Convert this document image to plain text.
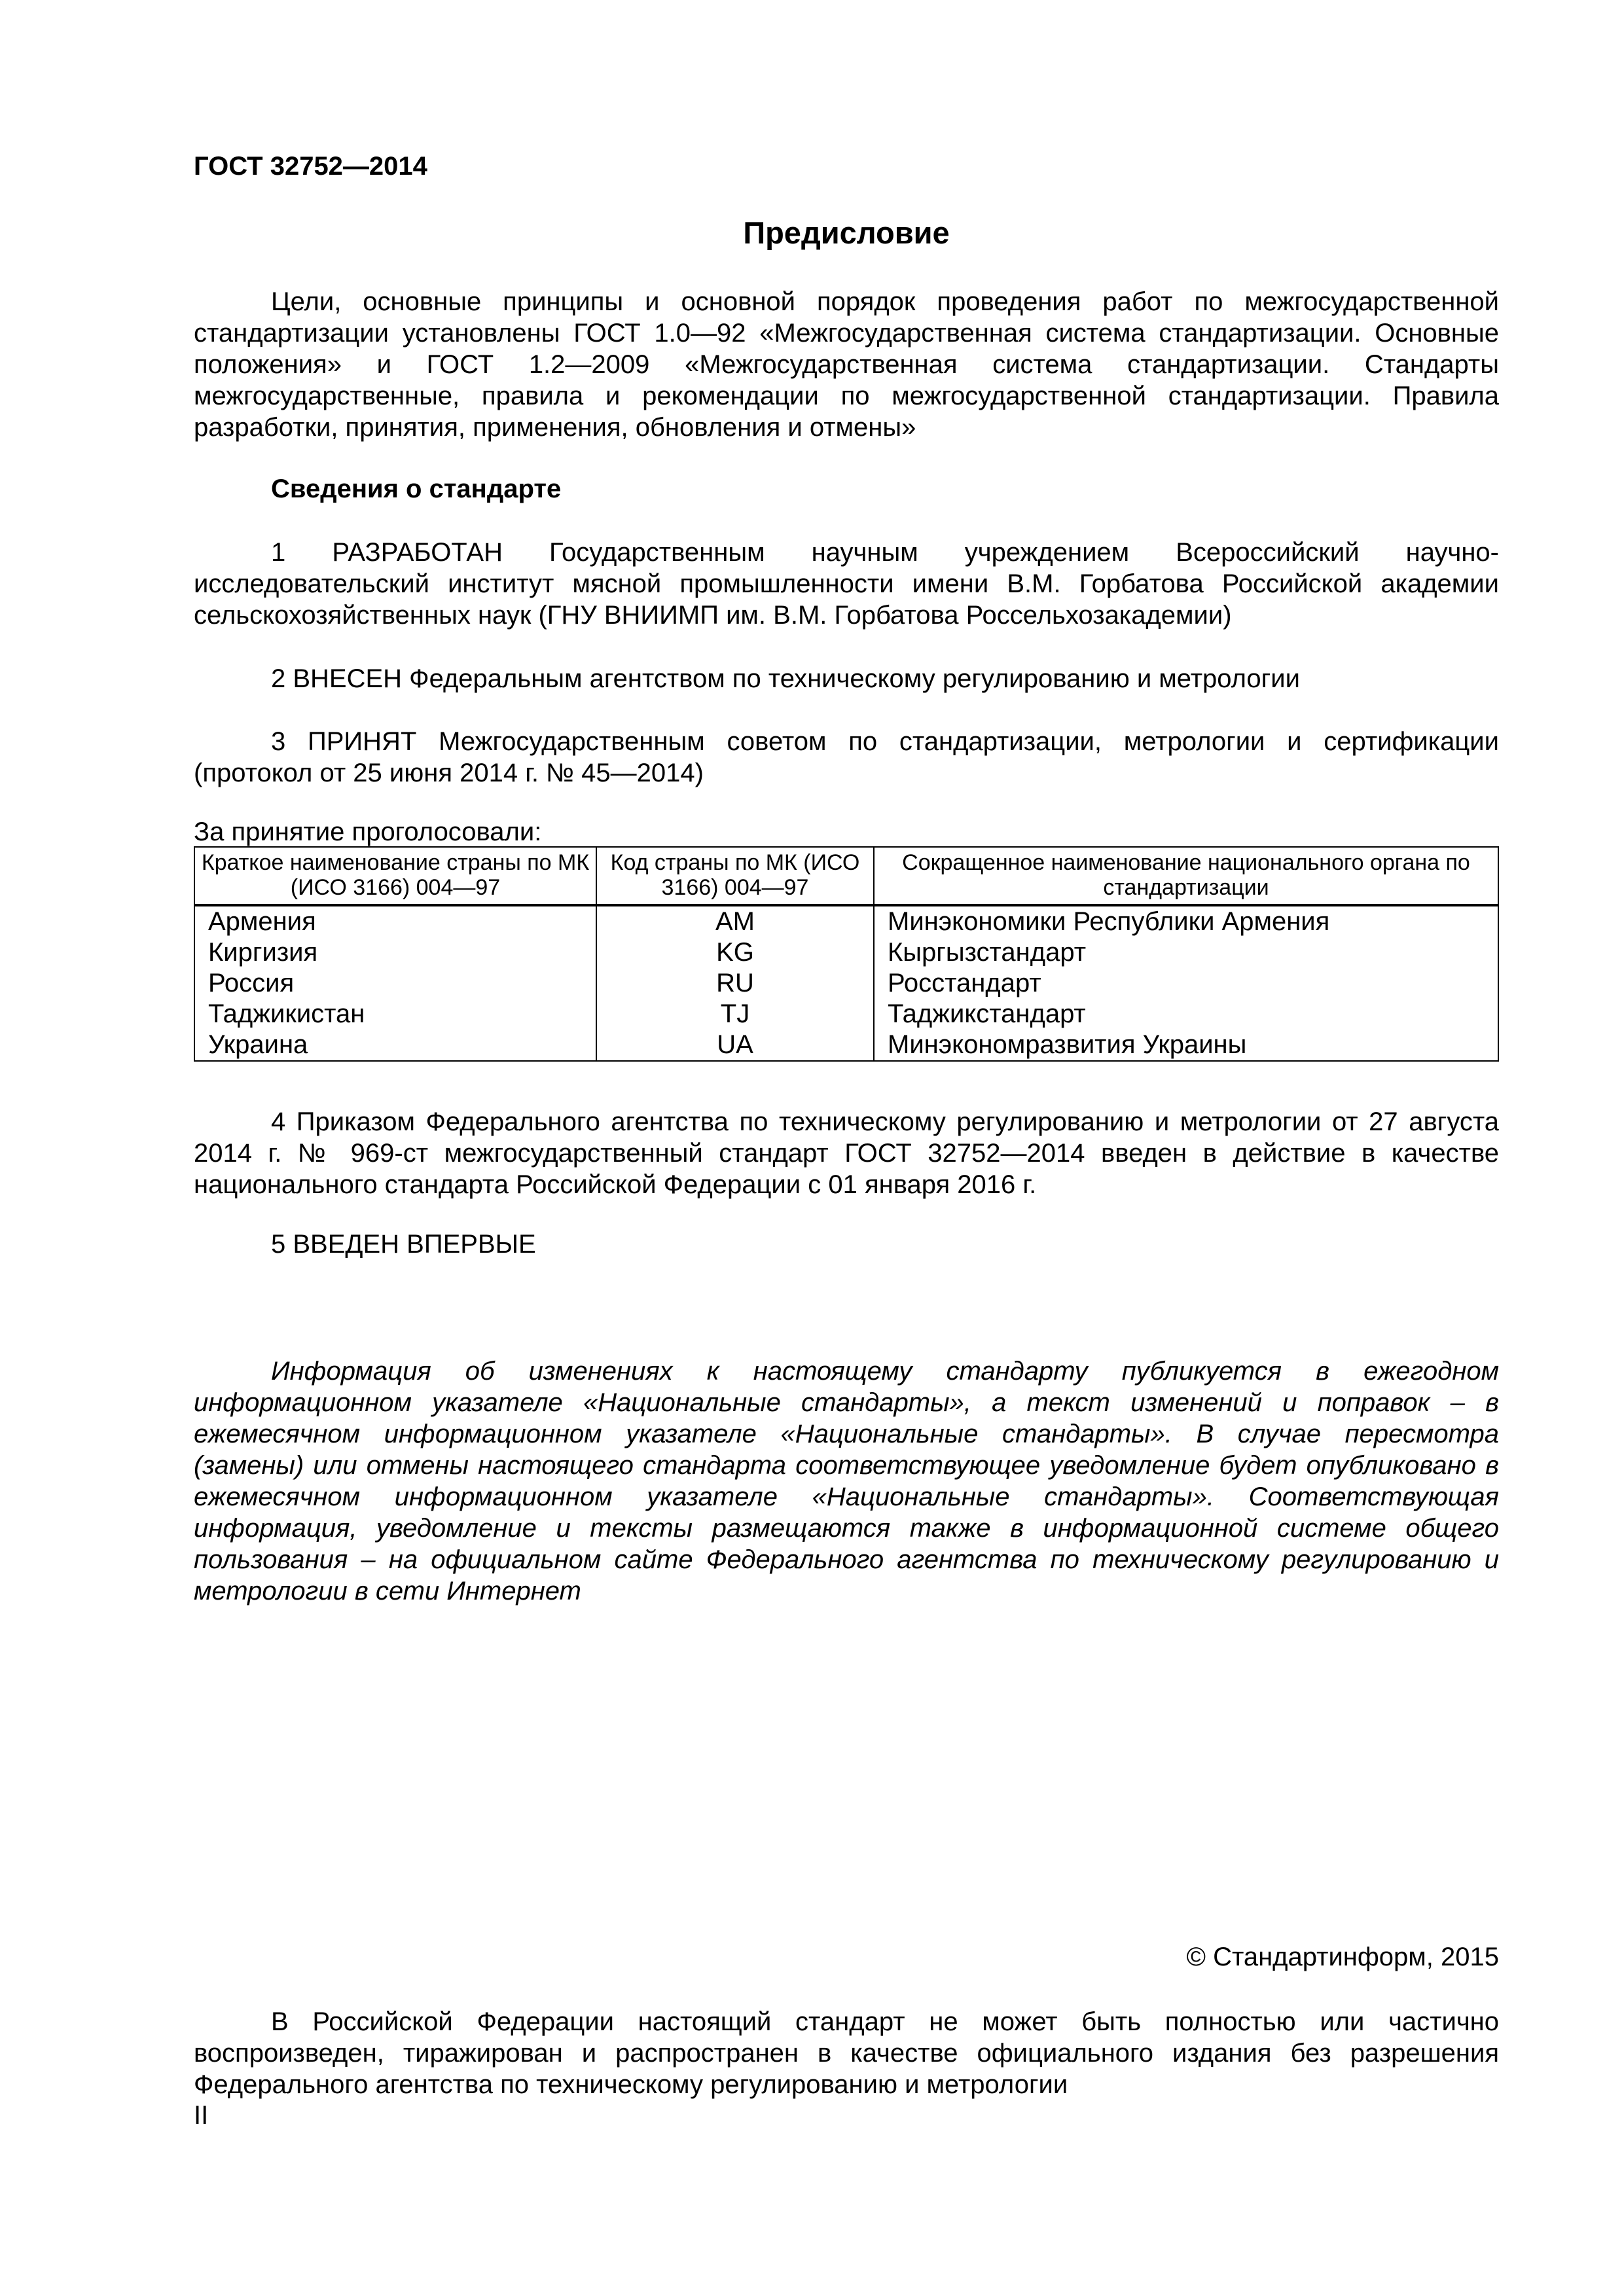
ГОСТ 32752—2014
Предисловие
Цели, основные принципы и основной порядок проведения работ по межгосударственной стандартизации установлены ГОСТ 1.0—92 «Межгосударственная система стандартизации. Основные положения» и ГОСТ 1.2—2009 «Межгосударственная система стандартизации. Стандарты межгосударственные, правила и рекомендации по межгосударственной стандартизации. Правила разработки, принятия, применения, обновления и отмены»
Сведения о стандарте
1 РАЗРАБОТАН Государственным научным учреждением Всероссийский научно-исследовательский институт мясной промышленности имени В.М. Горбатова Российской академии сельскохозяйственных наук (ГНУ ВНИИМП им. В.М. Горбатова Россельхозакадемии)
2 ВНЕСЕН Федеральным агентством по техническому регулированию и метрологии
3 ПРИНЯТ Межгосударственным советом по стандартизации, метрологии и сертификации (протокол от 25 июня 2014 г. № 45—2014)
За принятие проголосовали:
Краткое наименование страны по МК (ИСО 3166) 004—97	Код страны по МК (ИСО 3166) 004—97	Сокращенное наименование национального органа по стандартизации
Армения	AM	Минэкономики Республики Армения
Киргизия	KG	Кыргызстандарт
Россия	RU	Росстандарт
Таджикистан	TJ	Таджикстандарт
Украина	UA	Минэкономразвития Украины
4 Приказом Федерального агентства по техническому регулированию и метрологии от 27 августа 2014 г. № 969-ст межгосударственный стандарт ГОСТ 32752—2014 введен в действие в качестве национального стандарта Российской Федерации с 01 января 2016 г.
5 ВВЕДЕН ВПЕРВЫЕ
Информация об изменениях к настоящему стандарту публикуется в ежегодном информационном указателе «Национальные стандарты», а текст изменений и поправок – в ежемесячном информационном указателе «Национальные стандарты». В случае пересмотра (замены) или отмены настоящего стандарта соответствующее уведомление будет опубликовано в ежемесячном информационном указателе «Национальные стандарты». Соответствующая информация, уведомление и тексты размещаются также в информационной системе общего пользования – на официальном сайте Федерального агентства по техническому регулированию и метрологии в сети Интернет
© Стандартинформ, 2015
В Российской Федерации настоящий стандарт не может быть полностью или частично воспроизведен, тиражирован и распространен в качестве официального издания без разрешения Федерального агентства по техническому регулированию и метрологии
II
